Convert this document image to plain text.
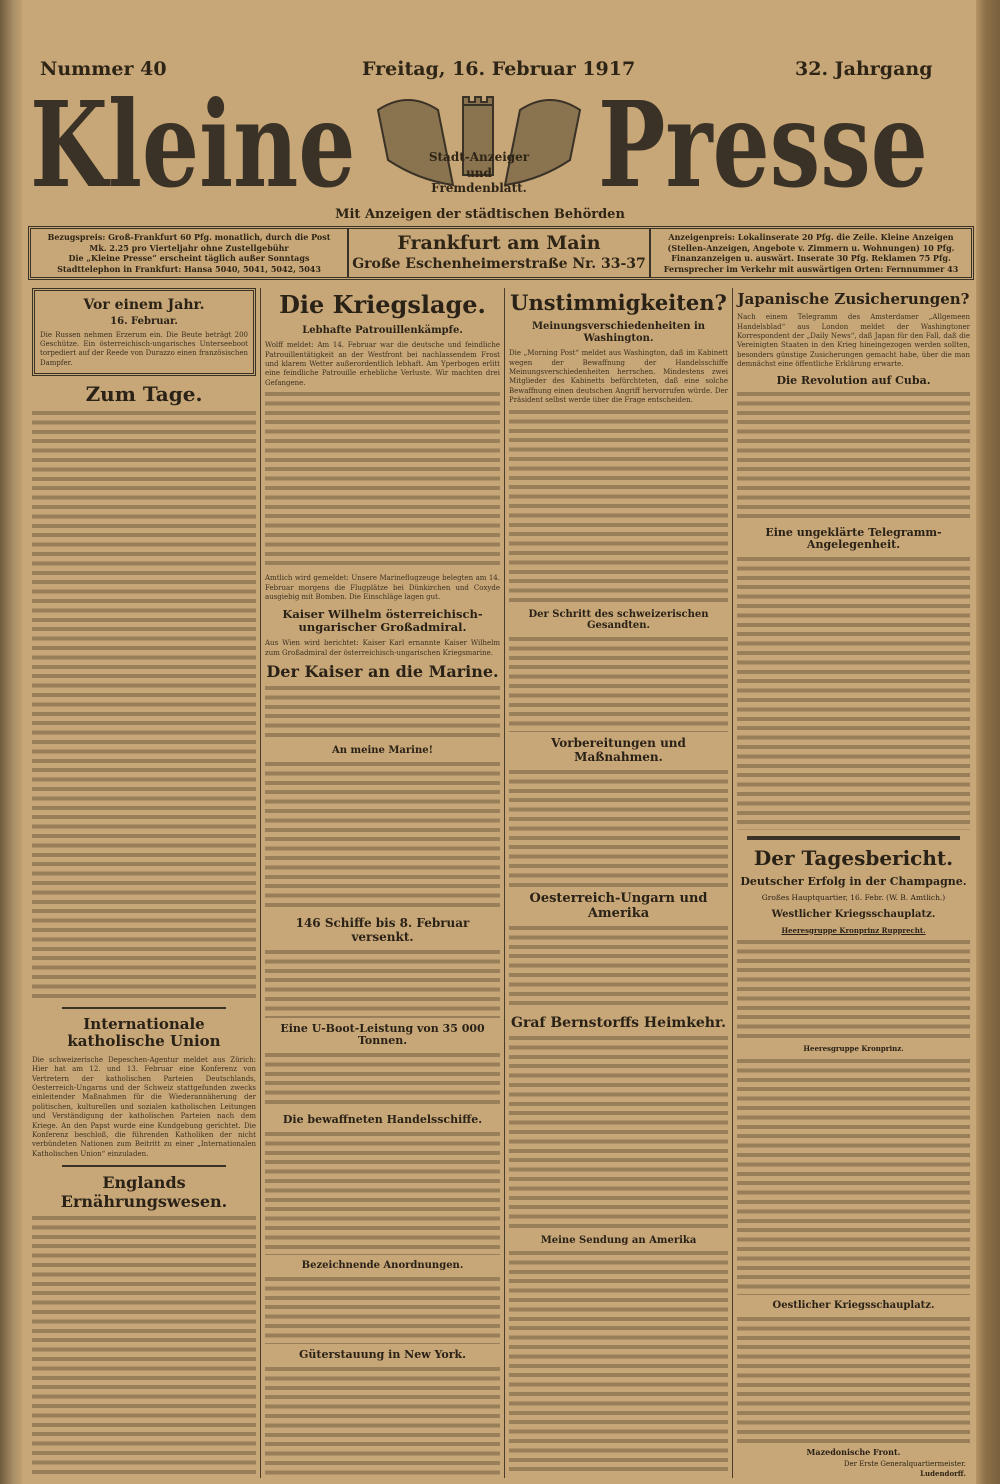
Nummer 40	Freitag, 16. Februar 1917	32. Jahrgang
Kleine Presse
Stadt-Anzeiger
und Fremdenblatt.
Mit Anzeigen der städtischen Behörden
Bezugspreis: Groß-Frankfurt 60 Pfg. monatlich, durch die Post
Mk. 2.25 pro Vierteljahr ohne Zustellgebühr
Die „Kleine Presse“ erscheint täglich außer Sonntags
Stadttelephon in Frankfurt: Hansa 5040, 5041, 5042, 5043
Frankfurt am Main
Große Eschenheimerstraße Nr. 33-37
Anzeigenpreis: Lokalinserate 20 Pfg. die Zeile. Kleine Anzeigen
(Stellen-Anzeigen, Angebote v. Zimmern u. Wohnungen) 10 Pfg.
Finanzanzeigen u. auswärt. Inserate 30 Pfg. Reklamen 75 Pfg.
Fernsprecher im Verkehr mit auswärtigen Orten: Fernnummer 43
Vor einem Jahr.
16. Februar.
Die Russen nehmen Erzerum ein. Die Beute beträgt 200 Geschütze. Ein österreichisch-ungarisches Unterseeboot torpediert auf der Reede von Durazzo einen französischen Dampfer.
Zum Tage.
Internationale katholische Union
Die schweizerische Depeschen-Agentur meldet aus Zürich: Hier hat am 12. und 13. Februar eine Konferenz von Vertretern der katholischen Parteien Deutschlands, Oesterreich-Ungarns und der Schweiz stattgefunden zwecks einleitender Maßnahmen für die Wiederannäherung der politischen, kulturellen und sozialen katholischen Leitungen und Verständigung der katholischen Parteien nach dem Kriege. An den Papst wurde eine Kundgebung gerichtet. Die Konferenz beschloß, die führenden Katholiken der nicht verbündeten Nationen zum Beitritt zu einer „Internationalen Katholischen Union“ einzuladen.
Englands Ernährungswesen.
Die Kriegslage.
Lebhafte Patrouillenkämpfe.
Wolff meldet: Am 14. Februar war die deutsche und feindliche Patrouillentätigkeit an der Westfront bei nachlassendem Frost und klarem Wetter außerordentlich lebhaft. Am Yperbogen erlitt eine feindliche Patrouille erhebliche Verluste. Wir machten drei Gefangene.
Amtlich wird gemeldet: Unsere Marineflugzeuge belegten am 14. Februar morgens die Flugplätze bei Dünkirchen und Coxyde ausgiebig mit Bomben. Die Einschläge lagen gut.
Kaiser Wilhelm österreichisch-ungarischer Großadmiral.
Aus Wien wird berichtet: Kaiser Karl ernannte Kaiser Wilhelm zum Großadmiral der österreichisch-ungarischen Kriegsmarine.
Der Kaiser an die Marine.
An meine Marine!
146 Schiffe bis 8. Februar versenkt.
Eine U-Boot-Leistung von 35 000 Tonnen.
Die bewaffneten Handelsschiffe.
Bezeichnende Anordnungen.
Güterstauung in New York.
Unstimmigkeiten?
Meinungsverschiedenheiten in Washington.
Die „Morning Post“ meldet aus Washington, daß im Kabinett wegen der Bewaffnung der Handelsschiffe Meinungsverschiedenheiten herrschen. Mindestens zwei Mitglieder des Kabinetts befürchteten, daß eine solche Bewaffnung einen deutschen Angriff hervorrufen würde. Der Präsident selbst werde über die Frage entscheiden.
Der Schritt des schweizerischen Gesandten.
Vorbereitungen und Maßnahmen.
Oesterreich-Ungarn und Amerika
Graf Bernstorffs Heimkehr.
Meine Sendung an Amerika
Japanische Zusicherungen?
Nach einem Telegramm des Amsterdamer „Allgemeen Handelsblad“ aus London meldet der Washingtoner Korrespondent der „Daily News“, daß Japan für den Fall, daß die Vereinigten Staaten in den Krieg hineingezogen werden sollten, besonders günstige Zusicherungen gemacht habe, über die man demnächst eine öffentliche Erklärung erwarte.
Die Revolution auf Cuba.
Eine ungeklärte Telegramm-Angelegenheit.
Der Tagesbericht.
Deutscher Erfolg in der Champagne.
Großes Hauptquartier, 16. Febr. (W. B. Amtlich.)
Westlicher Kriegsschauplatz.
Heeresgruppe Kronprinz Rupprecht.
Heeresgruppe Kronprinz.
Oestlicher Kriegsschauplatz.
Mazedonische Front.
Der Erste Generalquartiermeister.
Ludendorff.
